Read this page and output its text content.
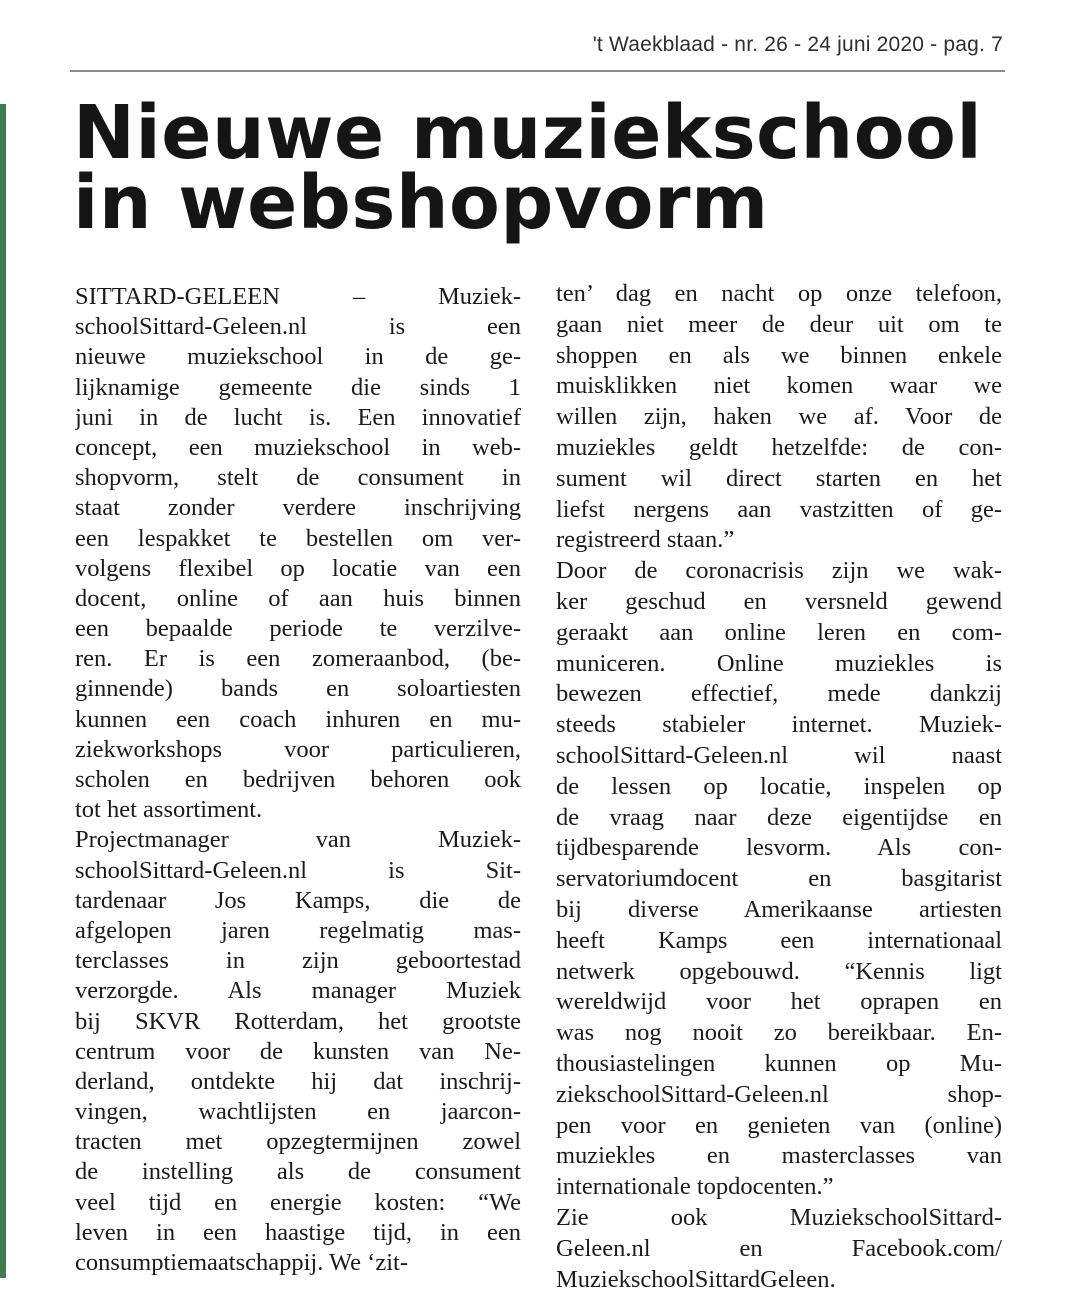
't Waekblaad - nr. 26 - 24 juni 2020 - pag. 7
Nieuwe muziekschool
in webshopvorm
SITTARD-GELEEN – Muziek-
schoolSittard-Geleen.nl is een
nieuwe muziekschool in de ge-
lijknamige gemeente die sinds 1
juni in de lucht is. Een innovatief
concept, een muziekschool in web-
shopvorm, stelt de consument in
staat zonder verdere inschrijving
een lespakket te bestellen om ver-
volgens flexibel op locatie van een
docent, online of aan huis binnen
een bepaalde periode te verzilve-
ren. Er is een zomeraanbod, (be-
ginnende) bands en soloartiesten
kunnen een coach inhuren en mu-
ziekworkshops voor particulieren,
scholen en bedrijven behoren ook
tot het assortiment.
Projectmanager van Muziek-
schoolSittard-Geleen.nl is Sit-
tardenaar Jos Kamps, die de
afgelopen jaren regelmatig mas-
terclasses in zijn geboortestad
verzorgde. Als manager Muziek
bij SKVR Rotterdam, het grootste
centrum voor de kunsten van Ne-
derland, ontdekte hij dat inschrij-
vingen, wachtlijsten en jaarcon-
tracten met opzegtermijnen zowel
de instelling als de consument
veel tijd en energie kosten: “We
leven in een haastige tijd, in een
consumptiemaatschappij. We ‘zit-
ten’ dag en nacht op onze telefoon,
gaan niet meer de deur uit om te
shoppen en als we binnen enkele
muisklikken niet komen waar we
willen zijn, haken we af. Voor de
muziekles geldt hetzelfde: de con-
sument wil direct starten en het
liefst nergens aan vastzitten of ge-
registreerd staan.”
Door de coronacrisis zijn we wak-
ker geschud en versneld gewend
geraakt aan online leren en com-
municeren. Online muziekles is
bewezen effectief, mede dankzij
steeds stabieler internet. Muziek-
schoolSittard-Geleen.nl wil naast
de lessen op locatie, inspelen op
de vraag naar deze eigentijdse en
tijdbesparende lesvorm. Als con-
servatoriumdocent en basgitarist
bij diverse Amerikaanse artiesten
heeft Kamps een internationaal
netwerk opgebouwd. “Kennis ligt
wereldwijd voor het oprapen en
was nog nooit zo bereikbaar. En-
thousiastelingen kunnen op Mu-
ziekschoolSittard-Geleen.nl shop-
pen voor en genieten van (online)
muziekles en masterclasses van
internationale topdocenten.”
Zie ook MuziekschoolSittard-
Geleen.nl en Facebook.com/
MuziekschoolSittardGeleen.
